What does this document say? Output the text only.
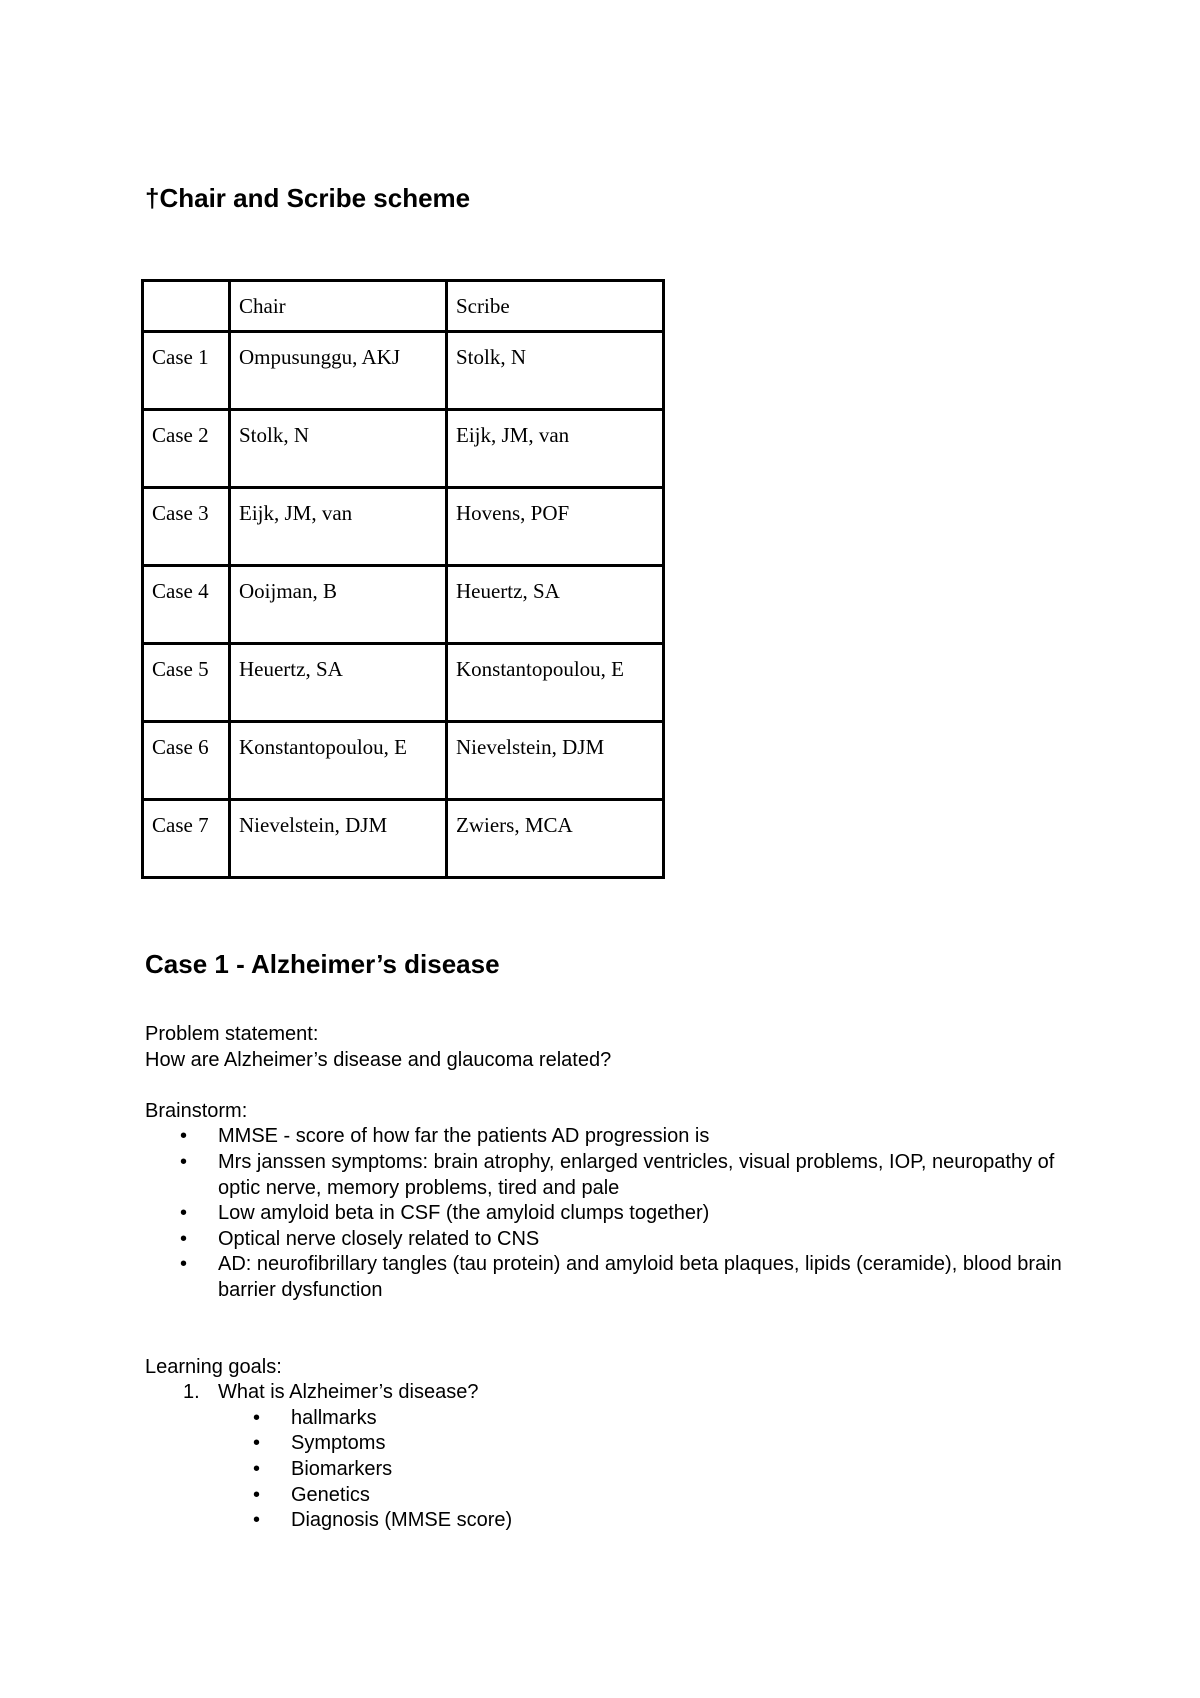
†Chair and Scribe scheme
	Chair	Scribe
Case 1	Ompusunggu, AKJ	Stolk, N
Case 2	Stolk, N	Eijk, JM, van
Case 3	Eijk, JM, van	Hovens, POF
Case 4	Ooijman, B	Heuertz, SA
Case 5	Heuertz, SA	Konstantopoulou, E
Case 6	Konstantopoulou, E	Nievelstein, DJM
Case 7	Nievelstein, DJM	Zwiers, MCA
Case 1 - Alzheimer’s disease

Problem statement:

How are Alzheimer’s disease and glaucoma related?

Brainstorm:

• MMSE - score of how far the patients AD progression is
• Mrs janssen symptoms: brain atrophy, enlarged ventricles, visual problems, IOP, neuropathy of optic nerve, memory problems, tired and pale
• Low amyloid beta in CSF (the amyloid clumps together)
• Optical nerve closely related to CNS
• AD: neurofibrillary tangles (tau protein) and amyloid beta plaques, lipids (ceramide), blood brain barrier dysfunction

Learning goals:

1. What is Alzheimer’s disease?
• hallmarks
• Symptoms
• Biomarkers
• Genetics
• Diagnosis (MMSE score)
